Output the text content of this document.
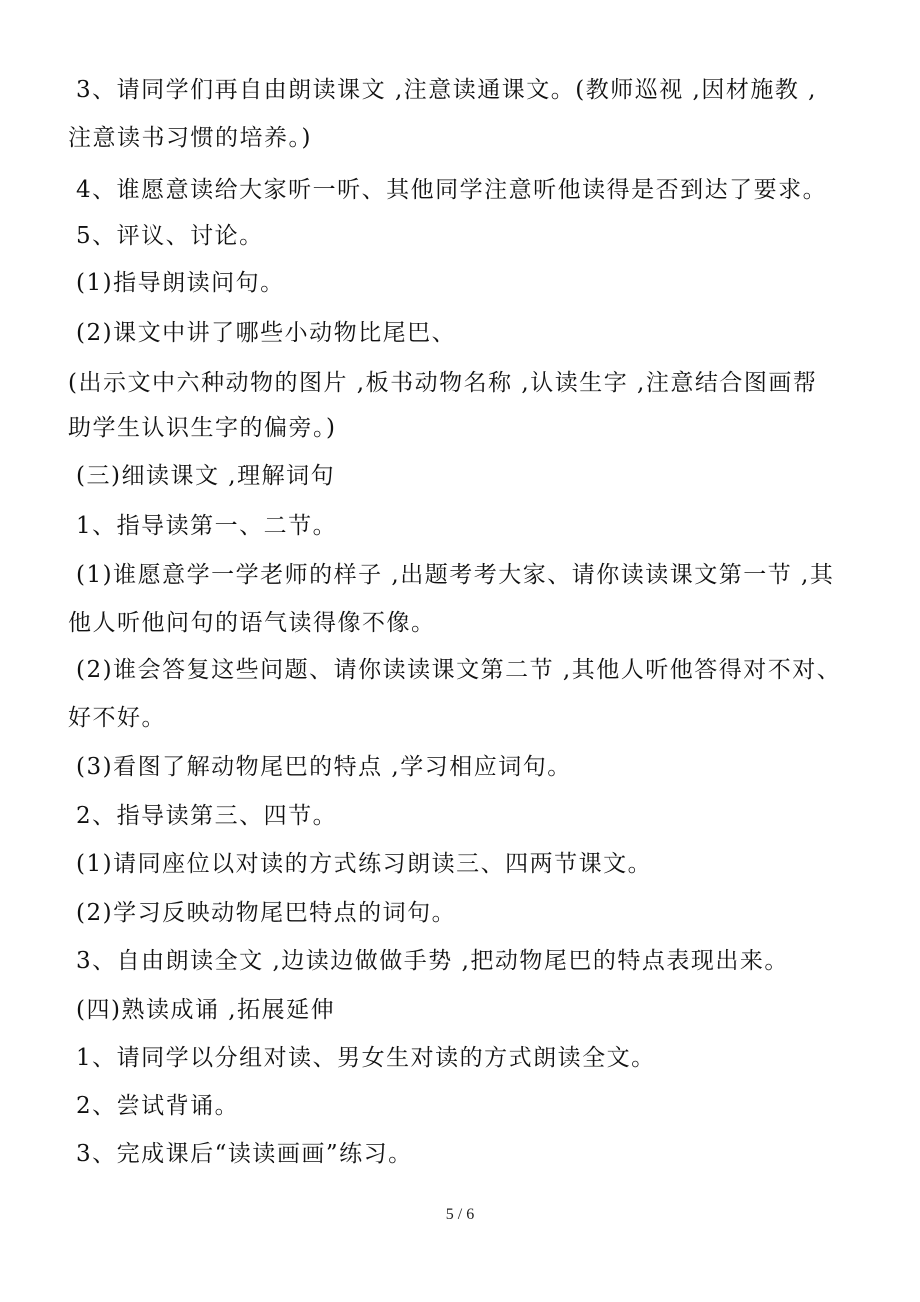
3、请同学们再自由朗读课文 ,注意读通课文。(教师巡视 ,因材施教 ,
注意读书习惯的培养。)
4、谁愿意读给大家听一听、其他同学注意听他读得是否到达了要求。
5、评议、讨论。
(1)指导朗读问句。
(2)课文中讲了哪些小动物比尾巴、
(出示文中六种动物的图片 ,板书动物名称 ,认读生字 ,注意结合图画帮
助学生认识生字的偏旁。)
(三)细读课文 ,理解词句
1、指导读第一、二节。
(1)谁愿意学一学老师的样子 ,出题考考大家、请你读读课文第一节 ,其
他人听他问句的语气读得像不像。
(2)谁会答复这些问题、请你读读课文第二节 ,其他人听他答得对不对、
好不好。
(3)看图了解动物尾巴的特点 ,学习相应词句。
2、指导读第三、四节。
(1)请同座位以对读的方式练习朗读三、四两节课文。
(2)学习反映动物尾巴特点的词句。
3、自由朗读全文 ,边读边做做手势 ,把动物尾巴的特点表现出来。
(四)熟读成诵 ,拓展延伸
1、请同学以分组对读、男女生对读的方式朗读全文。
2、尝试背诵。
3、完成课后“读读画画”练习。
5 / 6
